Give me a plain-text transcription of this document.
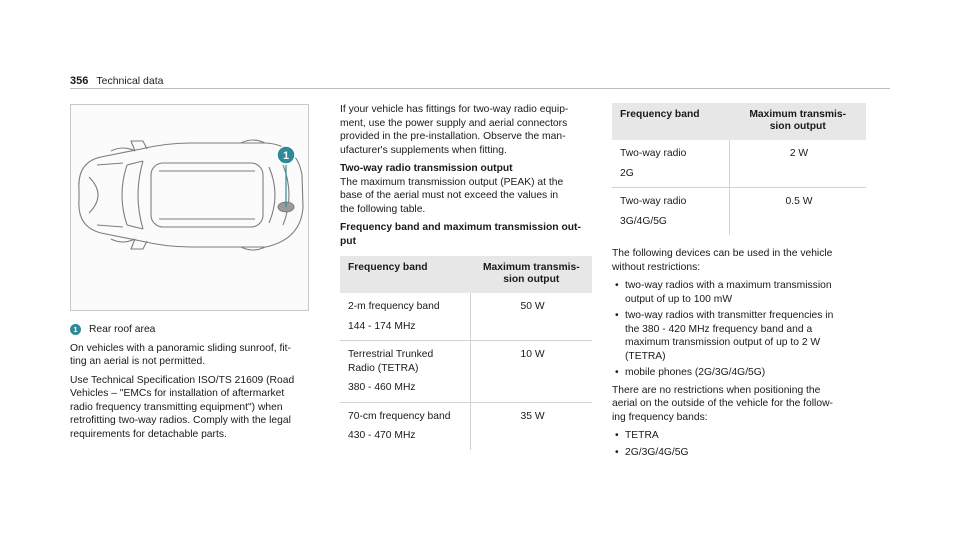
356 Technical data
1
1	Rear roof area
On vehicles with a panoramic sliding sunroof, fit-
ting an aerial is not permitted.
Use Technical Specification ISO/TS 21609 (Road
Vehicles – "EMCs for installation of aftermarket
radio frequency transmitting equipment") when
retrofitting two-way radios. Comply with the legal
requirements for detachable parts.
If your vehicle has fittings for two-way radio equip-
ment, use the power supply and aerial connectors
provided in the pre-installation. Observe the man-
ufacturer's supplements when fitting.
Two-way radio transmission output
The maximum transmission output (PEAK) at the
base of the aerial must not exceed the values in
the following table.
Frequency band and maximum transmission out-
put
Frequency band	Maximum transmis-
sion output

2-m frequency band
144 - 174 MHz	50 W

Terrestrial Trunked
Radio (TETRA)
380 - 460 MHz	10 W

70-cm frequency band
430 - 470 MHz	35 W
Frequency band	Maximum transmis-
sion output

Two-way radio
2G	2 W

Two-way radio
3G/4G/5G	0.5 W
The following devices can be used in the vehicle
without restrictions:
• two-way radios with a maximum transmission
output of up to 100 mW
• two-way radios with transmitter frequencies in
the 380 - 420 MHz frequency band and a
maximum transmission output of up to 2 W
(TETRA)
• mobile phones (2G/3G/4G/5G)
There are no restrictions when positioning the
aerial on the outside of the vehicle for the follow-
ing frequency bands:
• TETRA
• 2G/3G/4G/5G
